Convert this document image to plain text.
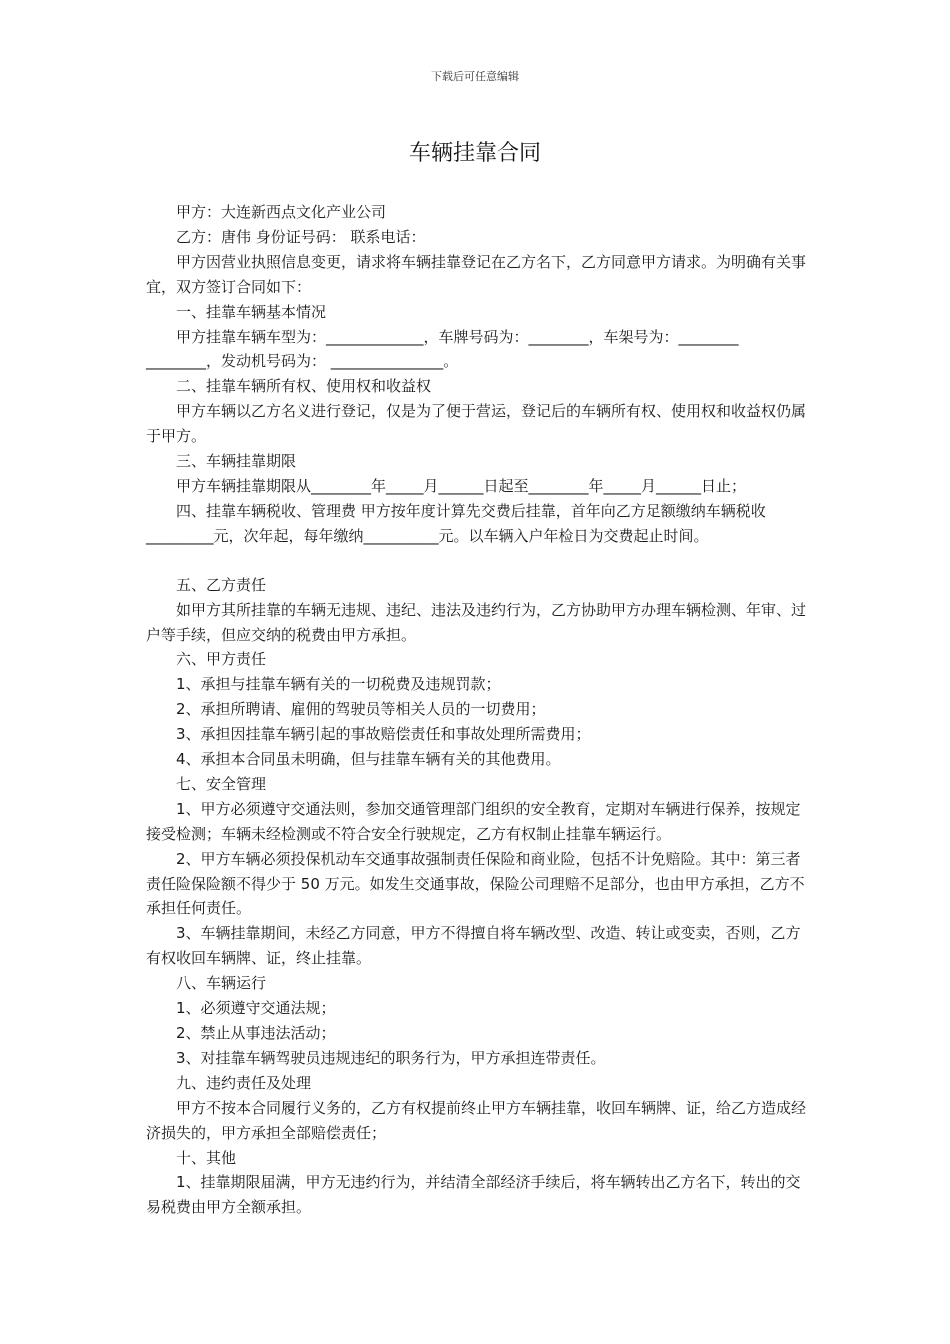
下载后可任意编辑
车辆挂靠合同

甲方：大连新西点文化产业公司

乙方：唐伟 身份证号码： 联系电话：

甲方因营业执照信息变更，请求将车辆挂靠登记在乙方名下，乙方同意甲方请求。为明确有关事宜，双方签订合同如下：

一、挂靠车辆基本情况

甲方挂靠车辆车型为：_____________，车牌号码为：________，车架号为：________ ________，发动机号码为： _______________。

二、挂靠车辆所有权、使用权和收益权

甲方车辆以乙方名义进行登记，仅是为了便于营运，登记后的车辆所有权、使用权和收益权仍属于甲方。

三、车辆挂靠期限

甲方车辆挂靠期限从________年_____月______日起至________年_____月______日止；

四、挂靠车辆税收、管理费 甲方按年度计算先交费后挂靠，首年向乙方足额缴纳车辆税收_________元，次年起，每年缴纳__________元。以车辆入户年检日为交费起止时间。

五、乙方责任

如甲方其所挂靠的车辆无违规、违纪、违法及违约行为，乙方协助甲方办理车辆检测、年审、过户等手续，但应交纳的税费由甲方承担。

六、甲方责任

1、承担与挂靠车辆有关的一切税费及违规罚款；

2、承担所聘请、雇佣的驾驶员等相关人员的一切费用；

3、承担因挂靠车辆引起的事故赔偿责任和事故处理所需费用；

4、承担本合同虽未明确，但与挂靠车辆有关的其他费用。

七、安全管理

1、甲方必须遵守交通法则，参加交通管理部门组织的安全教育，定期对车辆进行保养，按规定接受检测；车辆未经检测或不符合安全行驶规定，乙方有权制止挂靠车辆运行。

2、甲方车辆必须投保机动车交通事故强制责任保险和商业险，包括不计免赔险。其中：第三者责任险保险额不得少于 50 万元。如发生交通事故，保险公司理赔不足部分，也由甲方承担，乙方不承担任何责任。

3、车辆挂靠期间，未经乙方同意，甲方不得擅自将车辆改型、改造、转让或变卖，否则，乙方有权收回车辆牌、证，终止挂靠。

八、车辆运行

1、必须遵守交通法规；

2、禁止从事违法活动；

3、对挂靠车辆驾驶员违规违纪的职务行为，甲方承担连带责任。

九、违约责任及处理

甲方不按本合同履行义务的，乙方有权提前终止甲方车辆挂靠，收回车辆牌、证，给乙方造成经济损失的，甲方承担全部赔偿责任；

十、其他

1、挂靠期限届满，甲方无违约行为，并结清全部经济手续后，将车辆转出乙方名下，转出的交易税费由甲方全额承担。
